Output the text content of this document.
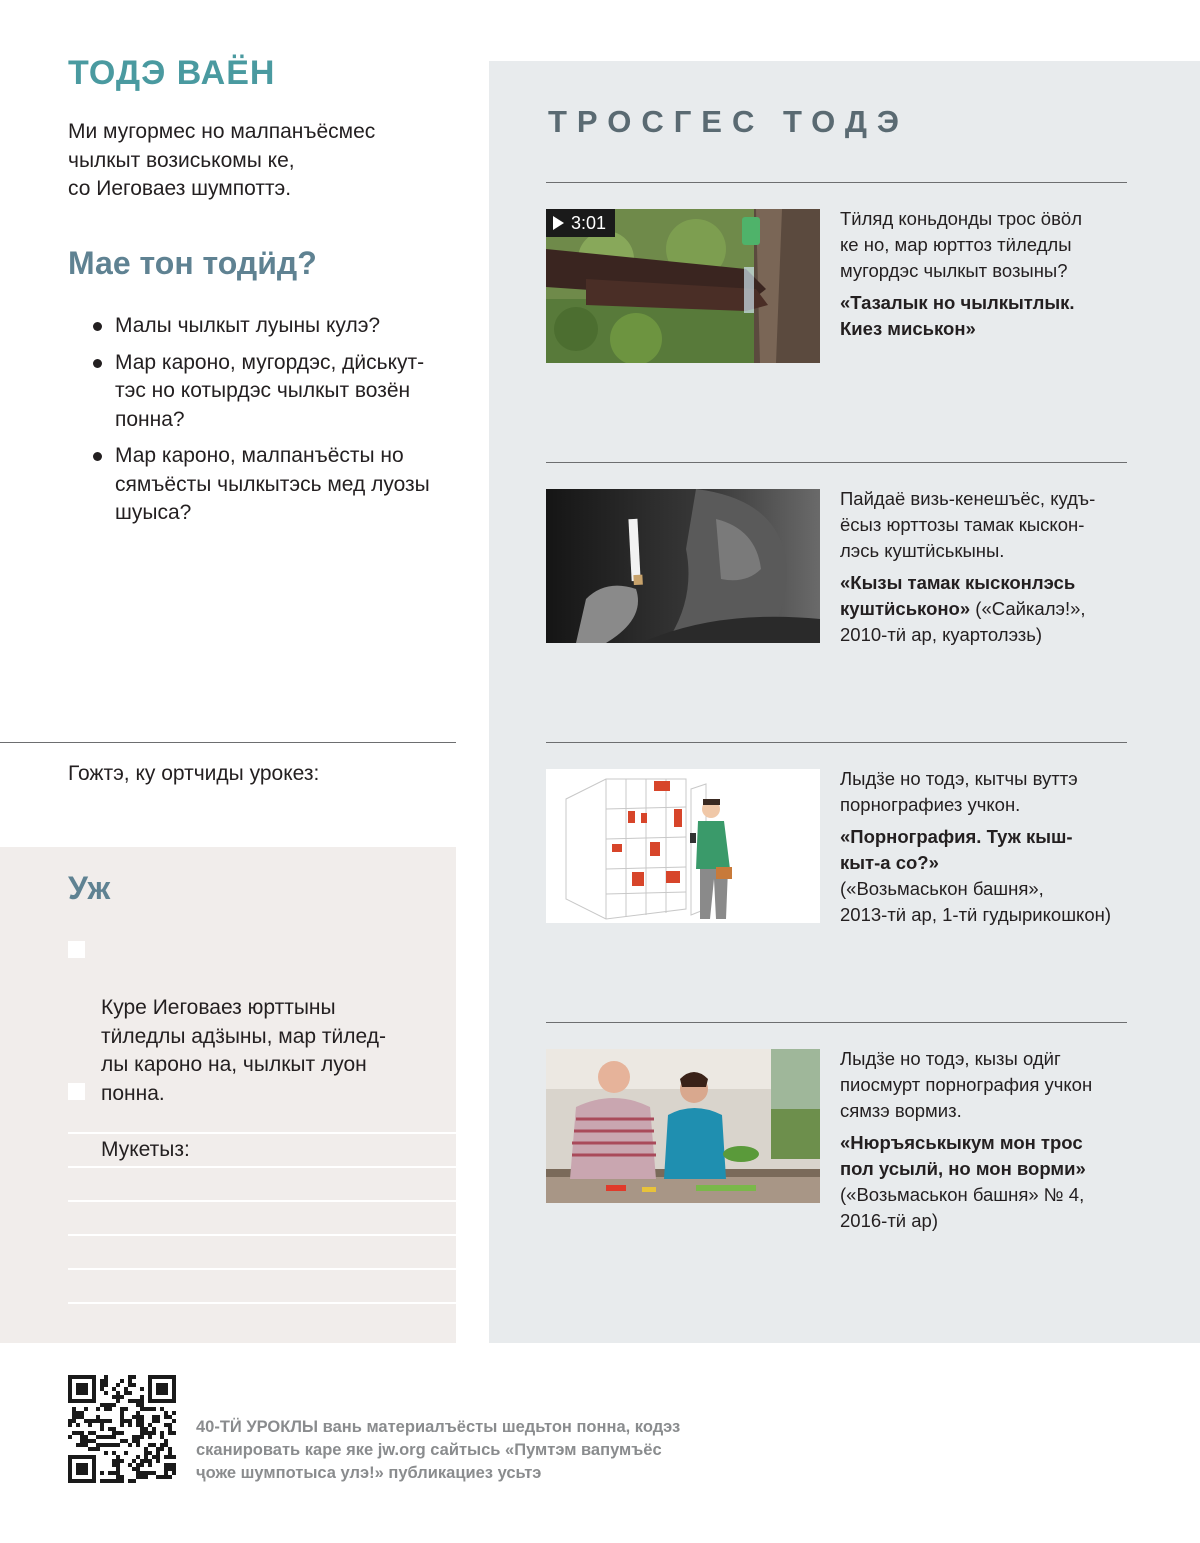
ТОДЭ ВАЁН

Ми мугормес но малпанъёсмес
чылкыт возиськомы ке,
со Иеговаез шумпоттэ.

Мае тон тодӥд?
Малы чылкыт луыны кулэ?
Мар кароно, мугордэс, дӥськут-
тэс но котырдэс чылкыт возён
понна?
Мар кароно, малпанъёсты но
сямъёсты чылкытэсь мед луозы
шуыса?

Гожтэ, ку ортчиды урокез:

Уж

Куре Иеговаез юрттыны
тӥледлы адӟыны, мар тӥлед-
лы кароно на, чылкыт луон
понна.

Мукетыз:

ТРОСГЕС ТОДЭ
3:01	Тӥляд коньдонды трос ӧвӧл
ке но, мар юрттоз тӥледлы
мугордэс чылкыт возыны?

«Тазалык но чылкытлык.
Киез миськон»

Пайдаё визь-кенешъёс, кудъ-
ёсыз юрттозы тамак кыскон-
лэсь куштӥськыны.

«Кызы тамак кысконлэсь
куштӥськоно» («Сайкалэ!»,
2010-тӥ ар, куартолэзь)

Лыдӟе но тодэ, кытчы вуттэ
порнографиез учкон.

«Порнография. Туж кыш-
кыт-а со?»
(«Возьмаськон башня»,
2013-тӥ ар, 1-тӥ гудырикошкон)

Лыдӟе но тодэ, кызы одӥг
пиосмурт порнография учкон
сямзэ вормиз.

«Нюръяськыкум мон трос
пол усылӥ, но мон ворми»
(«Возьмаськон башня» № 4,
2016-тӥ ар)

40-ТӤ УРОКЛЫ вань материалъёсты шедьтон понна, кодэз
сканировать каре яке jw.org сайтысь «Пумтэм вапумъёс
ҷоже шумпотыса улэ!» публикациез усьтэ
